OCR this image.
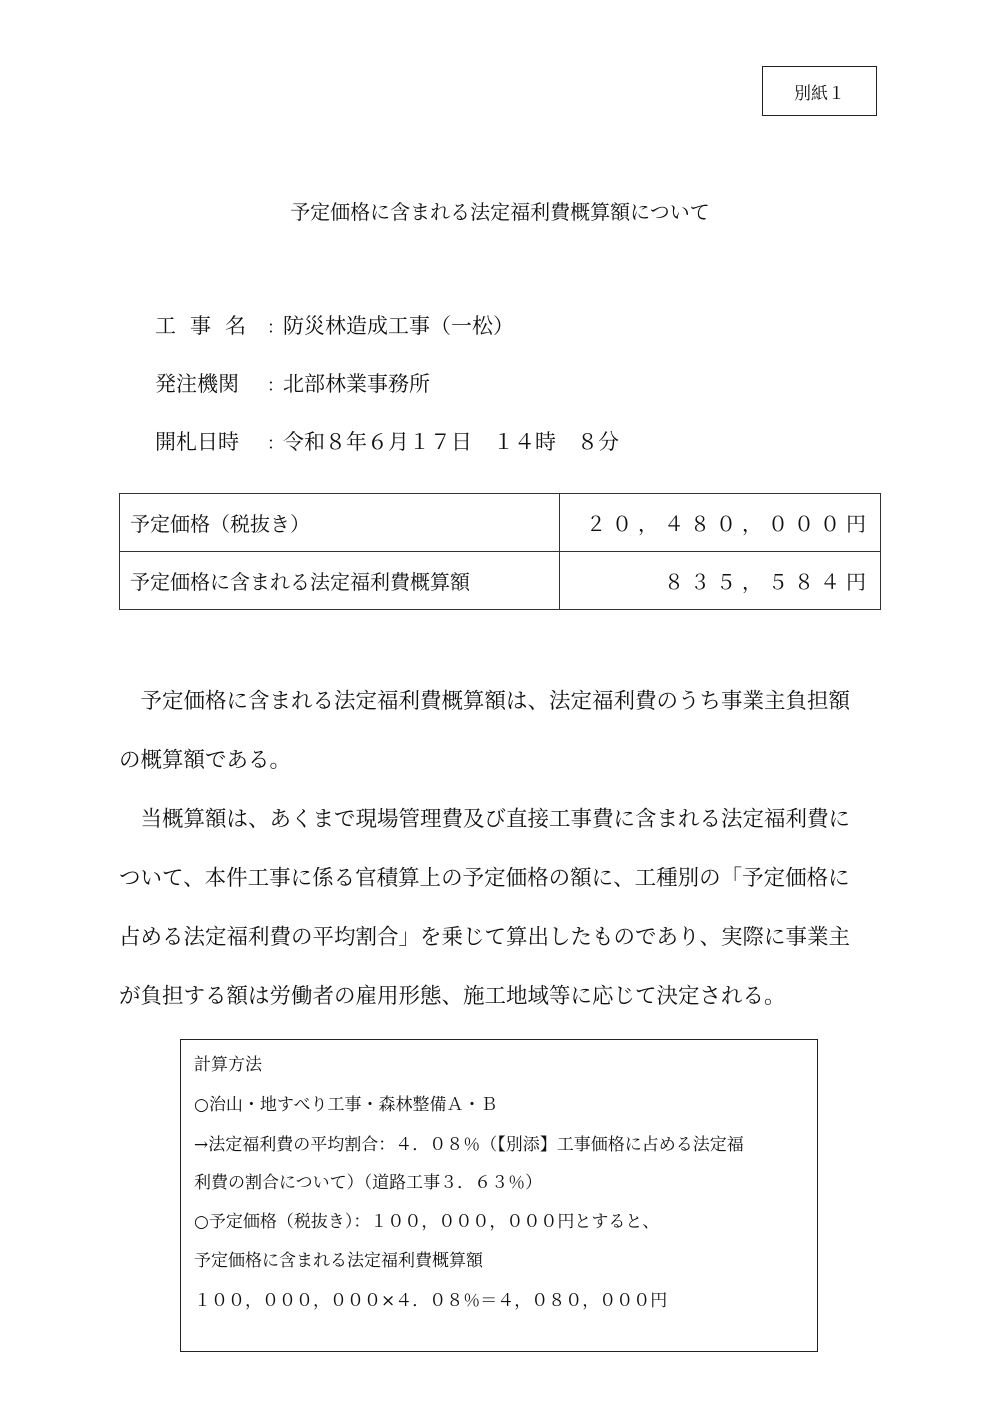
別紙１
予定価格に含まれる法定福利費概算額について
工事名 ：防災林造成工事（一松）
発注機関 ：北部林業事務所
開札日時 ：令和８年６月１７日　１４時　８分
予定価格（税抜き）	２０，４８０，０００円
予定価格に含まれる法定福利費概算額	８３５，５８４円
　予定価格に含まれる法定福利費概算額は、法定福利費のうち事業主負担額
の概算額である。
　当概算額は、あくまで現場管理費及び直接工事費に含まれる法定福利費に
ついて、本件工事に係る官積算上の予定価格の額に、工種別の「予定価格に
占める法定福利費の平均割合」を乗じて算出したものであり、実際に事業主
が負担する額は労働者の雇用形態、施工地域等に応じて決定される。
計算方法
○治山・地すべり工事・森林整備Ａ・Ｂ
→法定福利費の平均割合：４．０８％（【別添】工事価格に占める法定福
利費の割合について）（道路工事３．６３％）
○予定価格（税抜き）：１００，０００，０００円とすると、
予定価格に含まれる法定福利費概算額
１００，０００，０００×４．０８％＝４，０８０，０００円
